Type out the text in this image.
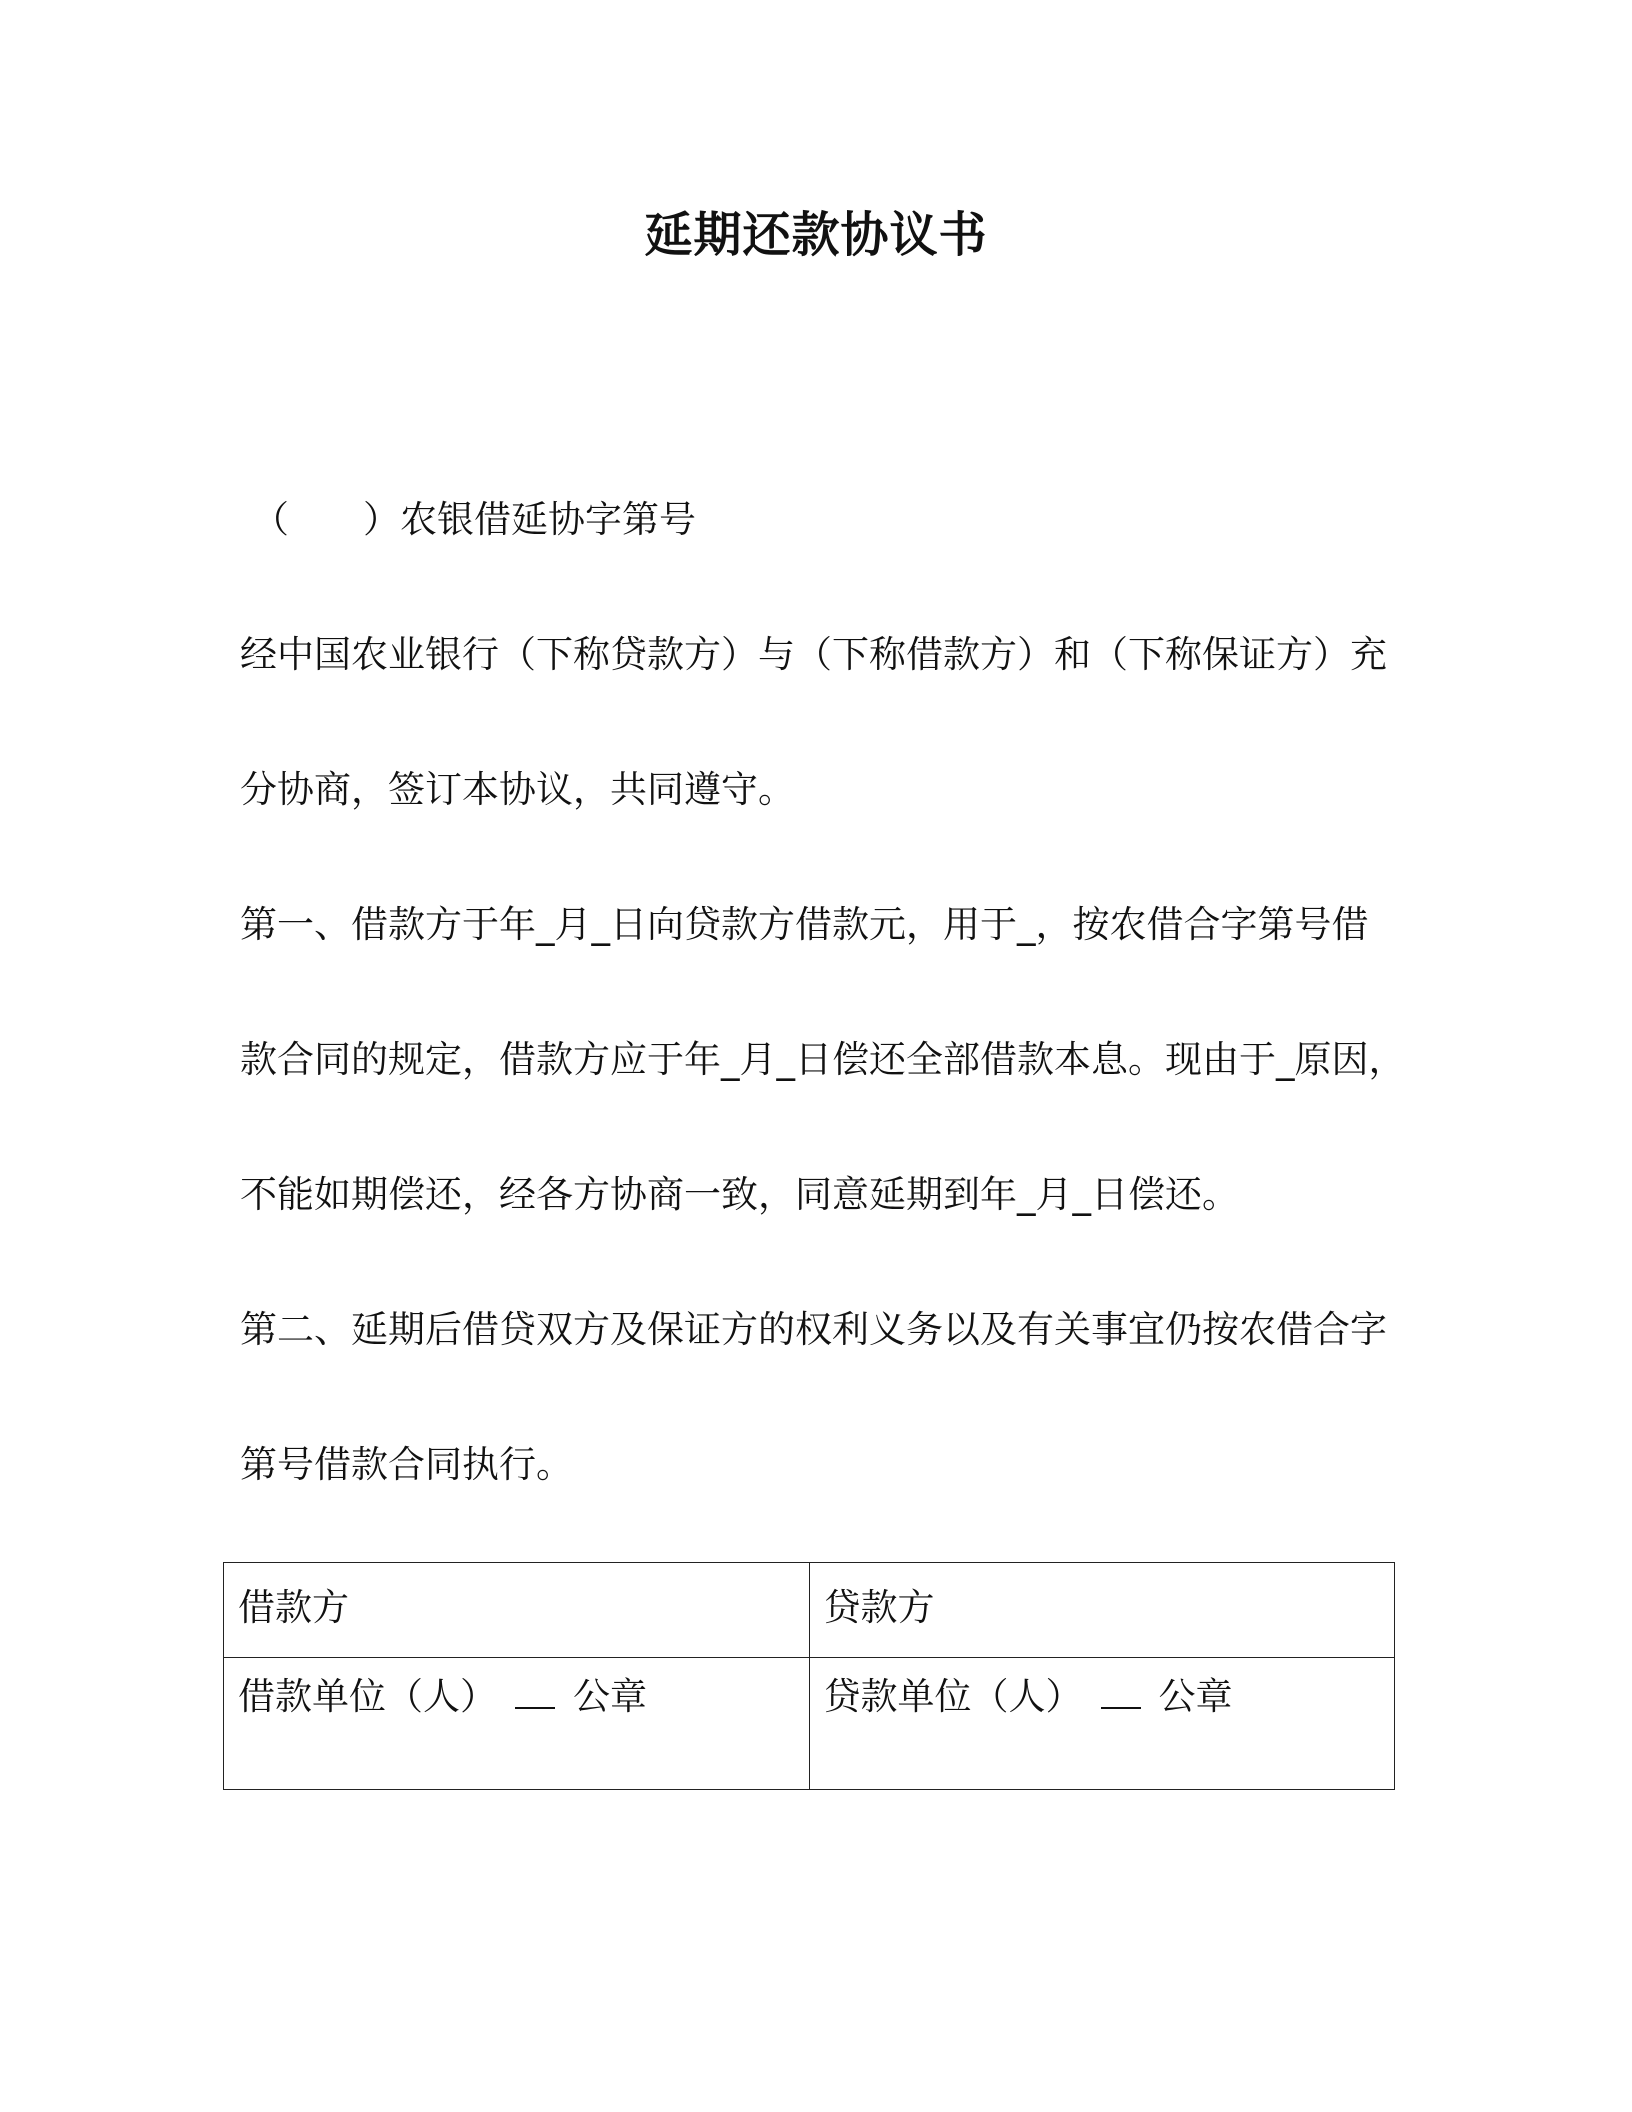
延期还款协议书
（　　）农银借延协字第号
经中国农业银行（下称贷款方）与（下称借款方）和（下称保证方）充
分协商，签订本协议，共同遵守。
第一、借款方于年_月_日向贷款方借款元，用于_，按农借合字第号借
款合同的规定，借款方应于年_月_日偿还全部借款本息。现由于_原因，
不能如期偿还，经各方协商一致，同意延期到年_月_日偿还。
第二、延期后借贷双方及保证方的权利义务以及有关事宜仍按农借合字
第号借款合同执行。
借款方	贷款方
借款单位（人） 公章	贷款单位（人） 公章
